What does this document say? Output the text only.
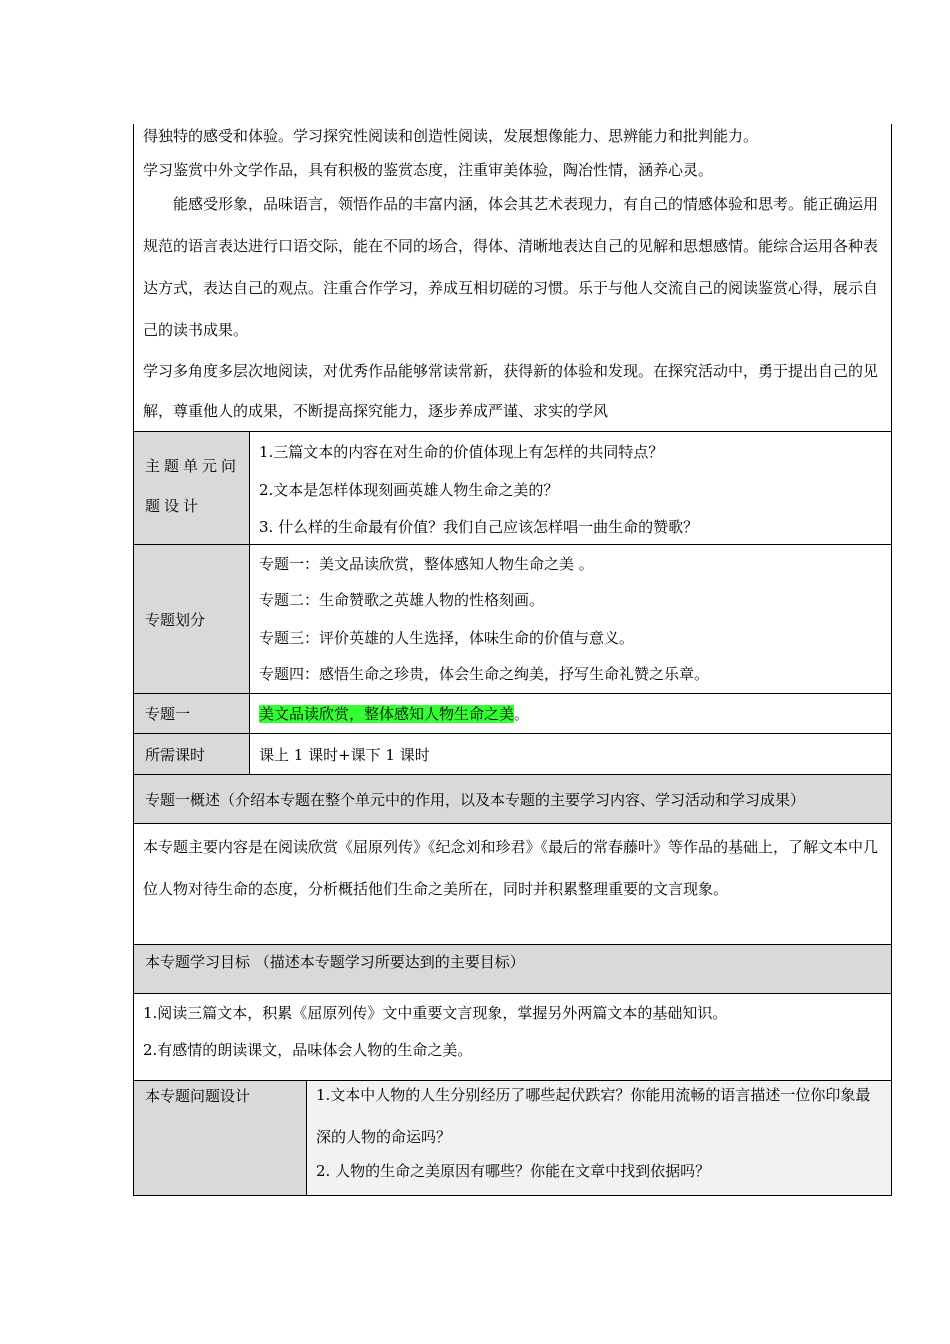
得独特的感受和体验。学习探究性阅读和创造性阅读，发展想像能力、思辨能力和批判能力。

学习鉴赏中外文学作品，具有积极的鉴赏态度，注重审美体验，陶冶性情，涵养心灵。

能感受形象，品味语言，领悟作品的丰富内涵，体会其艺术表现力，有自己的情感体验和思考。能正确运用规范的语言表达进行口语交际，能在不同的场合，得体、清晰地表达自己的见解和思想感情。能综合运用各种表达方式，表达自己的观点。注重合作学习，养成互相切磋的习惯。乐于与他人交流自己的阅读鉴赏心得，展示自己的读书成果。

学习多角度多层次地阅读，对优秀作品能够常读常新，获得新的体验和发现。在探究活动中，勇于提出自己的见解，尊重他人的成果，不断提高探究能力，逐步养成严谨、求实的学风		

主题单元问题设计	1.三篇文本的内容在对生命的价值体现上有怎样的共同特点？

2.文本是怎样体现刻画英雄人物生命之美的？

3. 什么样的生命最有价值？我们自己应该怎样唱一曲生命的赞歌？	

专题划分	专题一：美文品读欣赏，整体感知人物生命之美 。

专题二：生命赞歌之英雄人物的性格刻画。

专题三：评价英雄的人生选择，体味生命的价值与意义。

专题四：感悟生命之珍贵，体会生命之绚美，抒写生命礼赞之乐章。	

专题一	美文品读欣赏，整体感知人物生命之美。	

所需课时	课上 1 课时+课下 1 课时	

专题一概述（介绍本专题在整个单元中的作用，以及本专题的主要学习内容、学习活动和学习成果）		

本专题主要内容是在阅读欣赏《屈原列传》《纪念刘和珍君》《最后的常春藤叶》等作品的基础上，了解文本中几位人物对待生命的态度，分析概括他们生命之美所在，同时并积累整理重要的文言现象。		

本专题学习目标 （描述本专题学习所要达到的主要目标）		

1.阅读三篇文本，积累《屈原列传》文中重要文言现象，掌握另外两篇文本的基础知识。

2.有感情的朗读课文，品味体会人物的生命之美。		

本专题问题设计		1.文本中人物的人生分别经历了哪些起伏跌宕？你能用流畅的语言描述一位你印象最深的人物的命运吗？

2. 人物的生命之美原因有哪些？你能在文章中找到依据吗？
